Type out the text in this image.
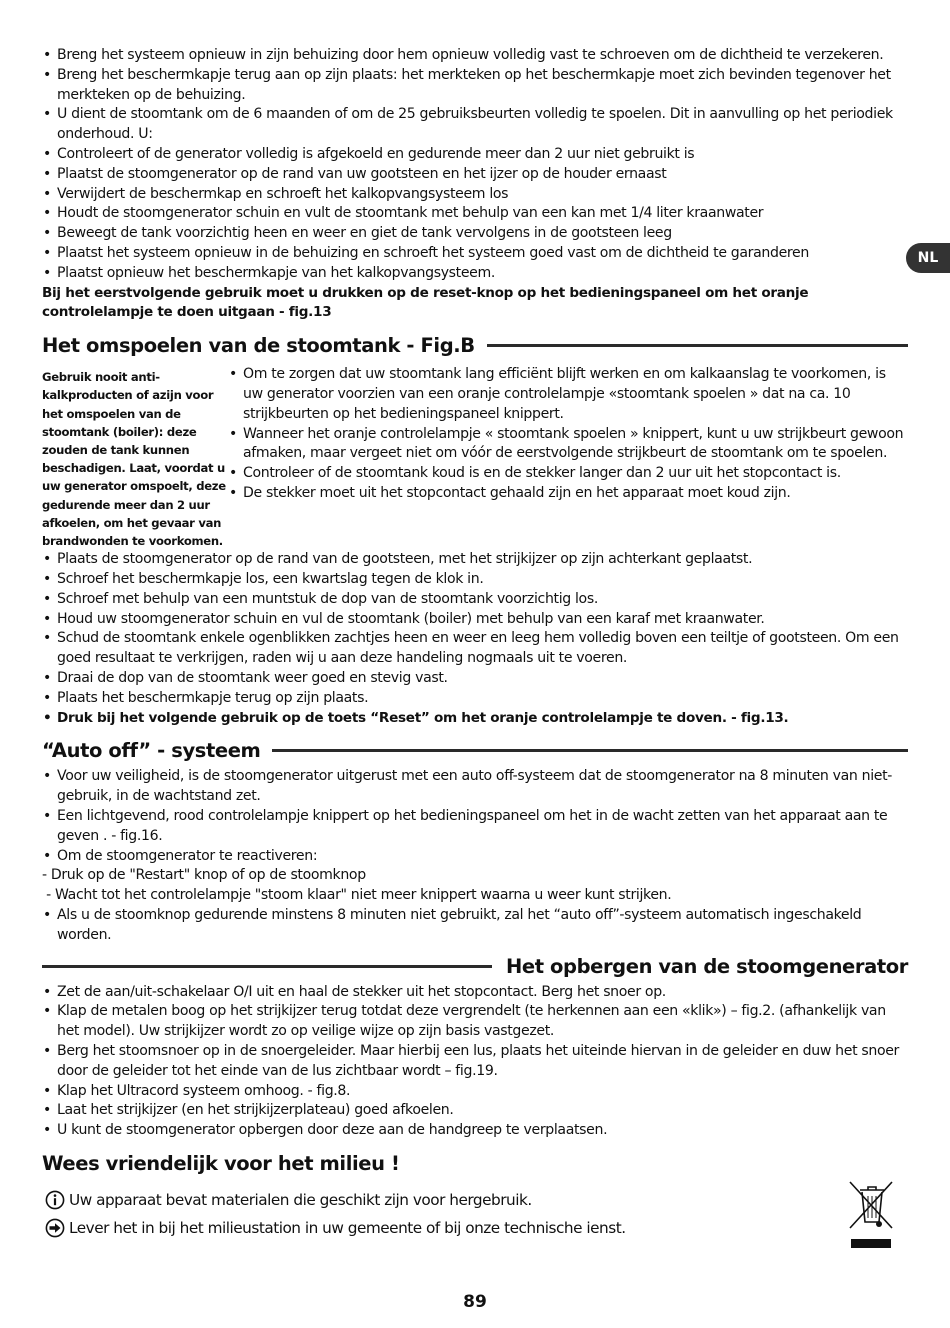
NL
• Breng het systeem opnieuw in zijn behuizing door hem opnieuw volledig vast te schroeven om de dichtheid te verzekeren.
• Breng het beschermkapje terug aan op zijn plaats: het merkteken op het beschermkapje moet zich bevinden tegenover het merkteken op de behuizing.
• U dient de stoomtank om de 6 maanden of om de 25 gebruiksbeurten volledig te spoelen. Dit in aanvulling op het periodiek onderhoud. U:
• Controleert of de generator volledig is afgekoeld en gedurende meer dan 2 uur niet gebruikt is
• Plaatst de stoomgenerator op de rand van uw gootsteen en het ijzer op de houder ernaast
• Verwijdert de beschermkap en schroeft het kalkopvangsysteem los
• Houdt de stoomgenerator schuin en vult de stoomtank met behulp van een kan met 1/4 liter kraanwater
• Beweegt de tank voorzichtig heen en weer en giet de tank vervolgens in de gootsteen leeg
• Plaatst het systeem opnieuw in de behuizing en schroeft het systeem goed vast om de dichtheid te garanderen
• Plaatst opnieuw het beschermkapje van het kalkopvangsysteem.
Bij het eerstvolgende gebruik moet u drukken op de reset-knop op het bedieningspaneel om het oranje controlelampje te doen uitgaan - fig.13
Het omspoelen van de stoomtank - Fig.B
Gebruik nooit anti-kalkproducten of azijn voor het omspoelen van de stoomtank (boiler): deze zouden de tank kunnen beschadigen. Laat, voordat u uw generator omspoelt, deze gedurende meer dan 2 uur afkoelen, om het gevaar van brandwonden te voorkomen.
• Om te zorgen dat uw stoomtank lang efficiënt blijft werken en om kalkaanslag te voorkomen, is uw generator voorzien van een oranje controlelampje «stoomtank spoelen » dat na ca. 10 strijkbeurten op het bedieningspaneel knippert.
• Wanneer het oranje controlelampje « stoomtank spoelen » knippert, kunt u uw strijkbeurt gewoon afmaken, maar vergeet niet om vóór de eerstvolgende strijkbeurt de stoomtank om te spoelen.
• Controleer of de stoomtank koud is en de stekker langer dan 2 uur uit het stopcontact is.
• De stekker moet uit het stopcontact gehaald zijn en het apparaat moet koud zijn.
• Plaats de stoomgenerator op de rand van de gootsteen, met het strijkijzer op zijn achterkant geplaatst.
• Schroef het beschermkapje los, een kwartslag tegen de klok in.
• Schroef met behulp van een muntstuk de dop van de stoomtank voorzichtig los.
• Houd uw stoomgenerator schuin en vul de stoomtank (boiler) met behulp van een karaf met kraanwater.
• Schud de stoomtank enkele ogenblikken zachtjes heen en weer en leeg hem volledig boven een teiltje of gootsteen. Om een goed resultaat te verkrijgen, raden wij u aan deze handeling nogmaals uit te voeren.
• Draai de dop van de stoomtank weer goed en stevig vast.
• Plaats het beschermkapje terug op zijn plaats.
• Druk bij het volgende gebruik op de toets “Reset” om het oranje controlelampje te doven. - fig.13.
“Auto off” - systeem
• Voor uw veiligheid, is de stoomgenerator uitgerust met een auto off-systeem dat de stoomgenerator na 8 minuten van niet- gebruik, in de wachtstand zet.
• Een lichtgevend, rood controlelampje knippert op het bedieningspaneel om het in de wacht zetten van het apparaat aan te geven . - fig.16.
• Om de stoomgenerator te reactiveren:
- Druk op de "Restart" knop of op de stoomknop
- Wacht tot het controlelampje "stoom klaar" niet meer knippert waarna u weer kunt strijken.
• Als u de stoomknop gedurende minstens 8 minuten niet gebruikt, zal het “auto off”-systeem automatisch ingeschakeld worden.
Het opbergen van de stoomgenerator
• Zet de aan/uit-schakelaar O/I uit en haal de stekker uit het stopcontact. Berg het snoer op.
• Klap de metalen boog op het strijkijzer terug totdat deze vergrendelt (te herkennen aan een «klik») – fig.2. (afhankelijk van het model). Uw strijkijzer wordt zo op veilige wijze op zijn basis vastgezet.
• Berg het stoomsnoer op in de snoergeleider. Maar hierbij een lus, plaats het uiteinde hiervan in de geleider en duw het snoer door de geleider tot het einde van de lus zichtbaar wordt – fig.19.
• Klap het Ultracord systeem omhoog. - fig.8.
• Laat het strijkijzer (en het strijkijzerplateau) goed afkoelen.
• U kunt de stoomgenerator opbergen door deze aan de handgreep te verplaatsen.
Wees vriendelijk voor het milieu !
Uw apparaat bevat materialen die geschikt zijn voor hergebruik.
Lever het in bij het milieustation in uw gemeente of bij onze technische ienst.
89
